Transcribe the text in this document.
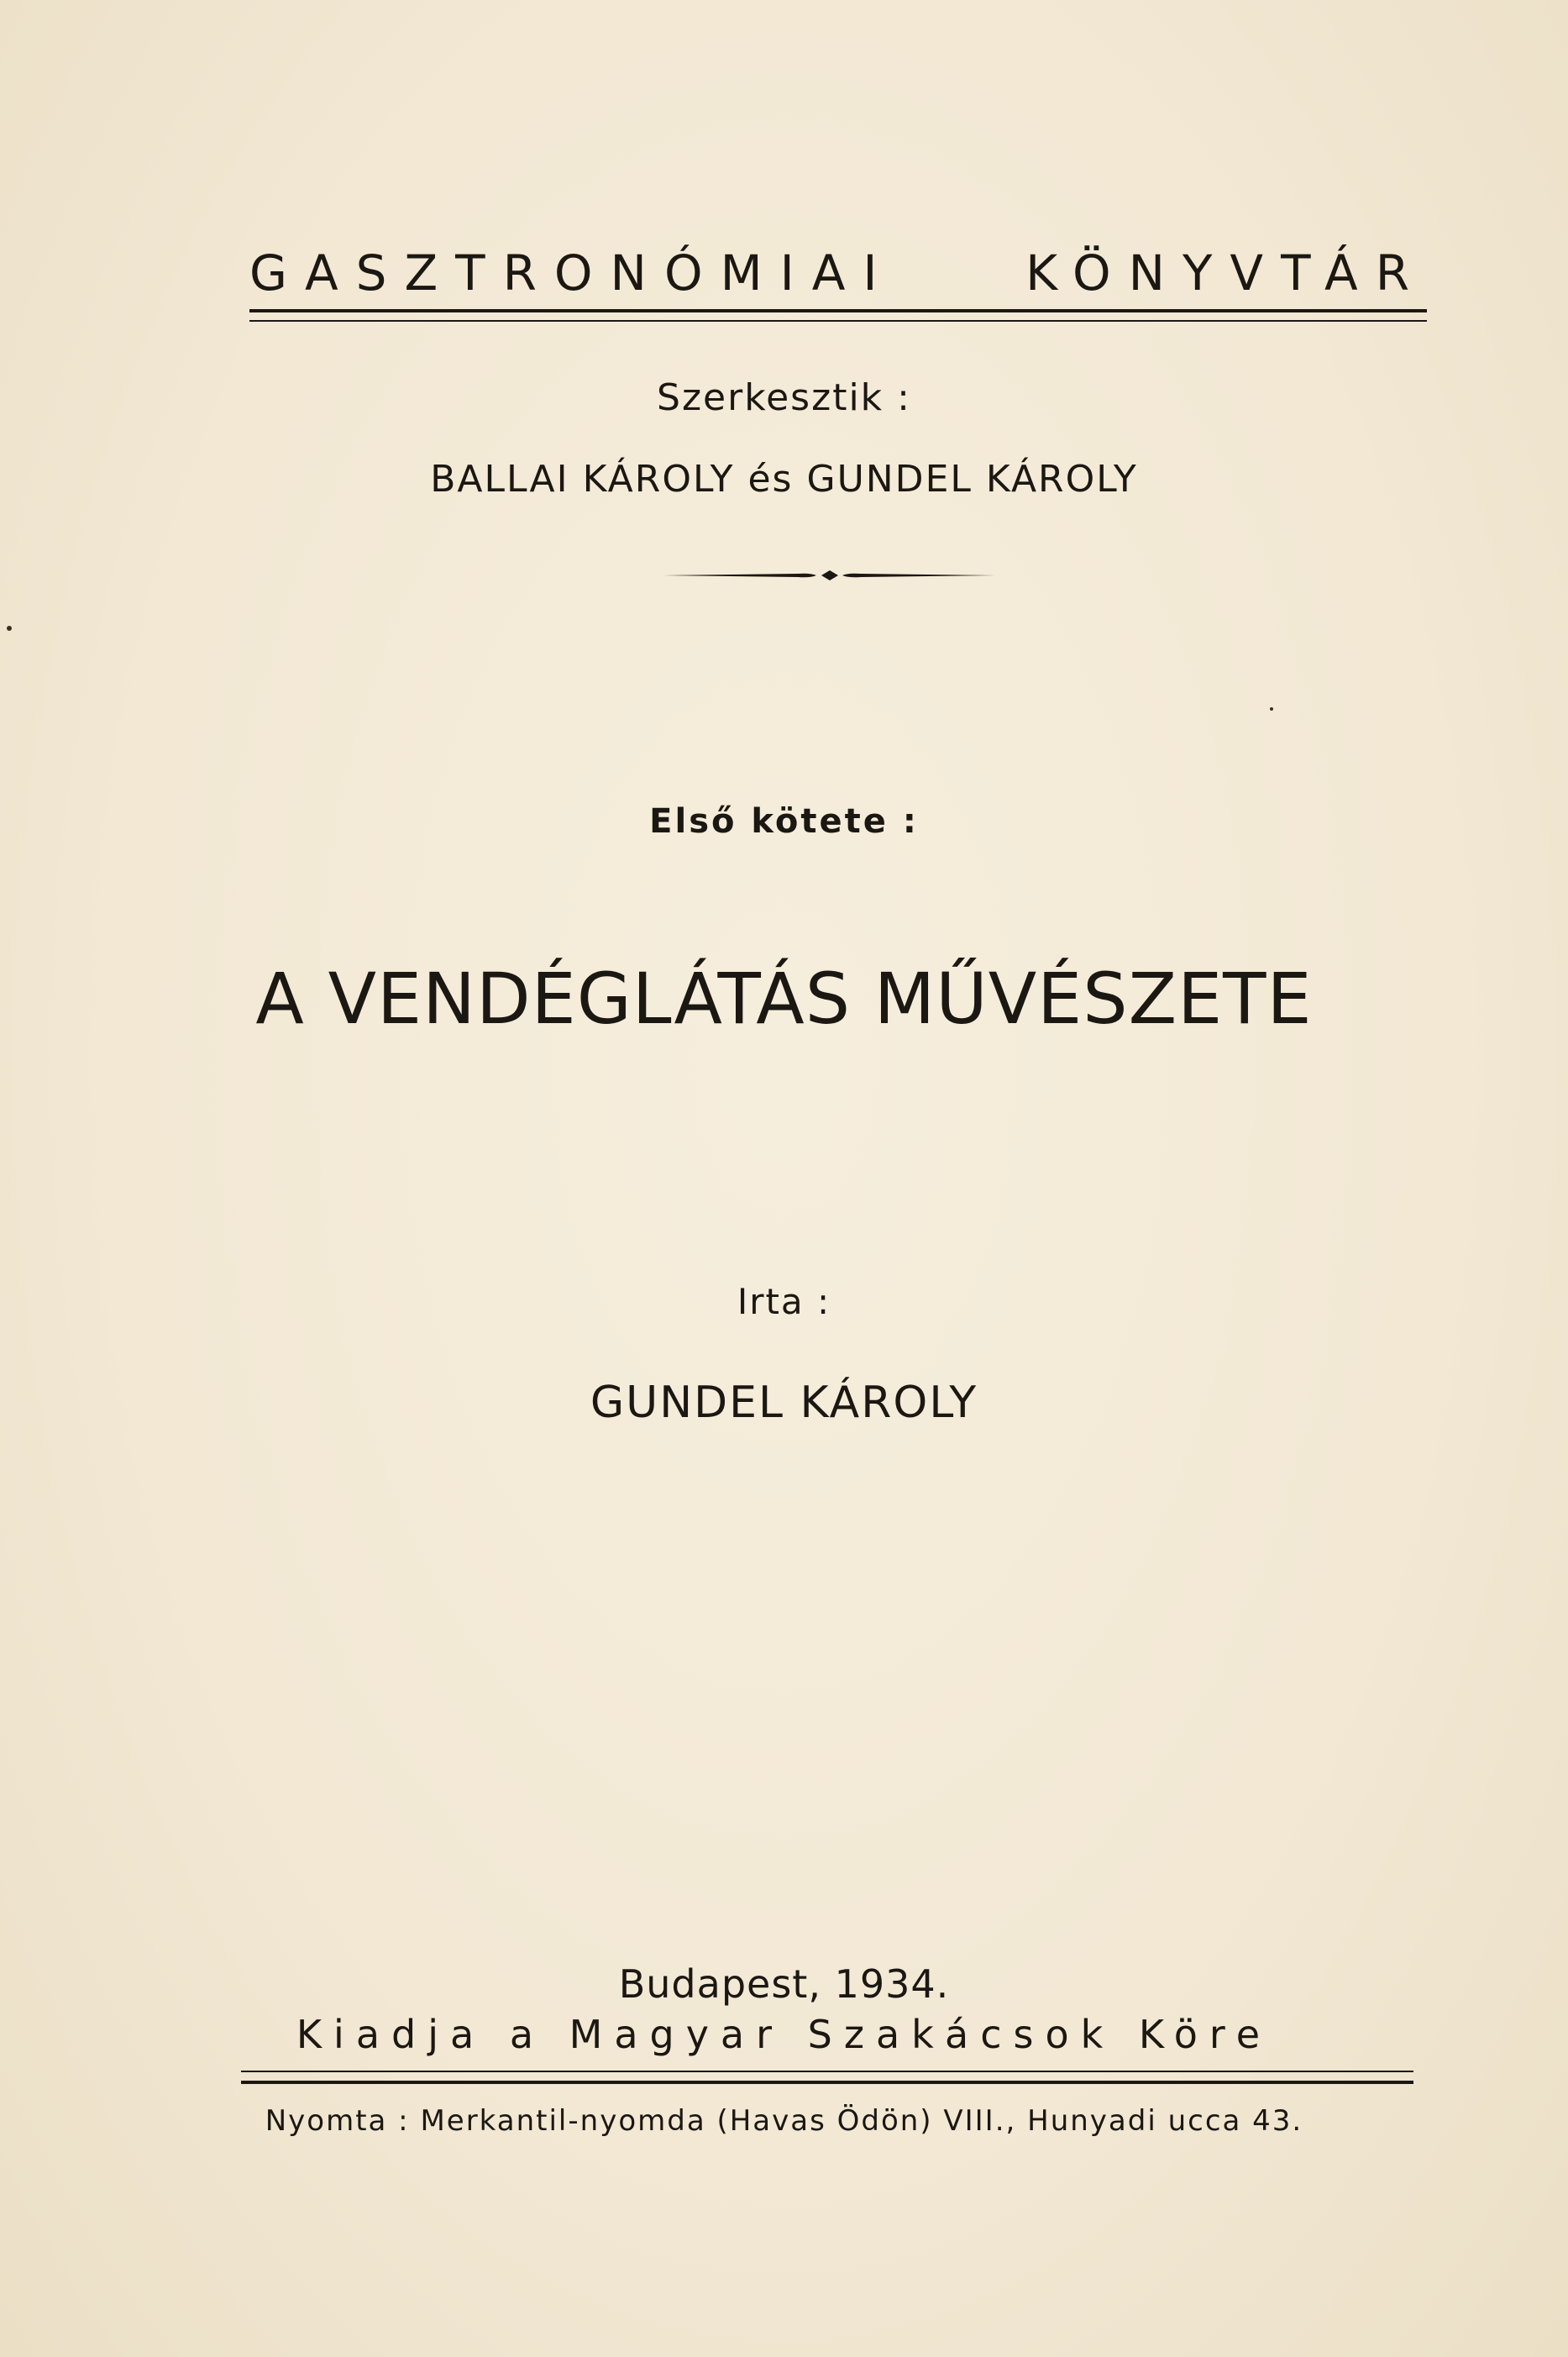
GASZTRONÓMIAI KÖNYVTÁR
Szerkesztik :
BALLAI KÁROLY és GUNDEL KÁROLY
Első kötete :
A VENDÉGLÁTÁS MŰVÉSZETE
Irta :
GUNDEL KÁROLY
Budapest, 1934.
Kiadja a Magyar Szakácsok Köre
Nyomta : Merkantil-nyomda (Havas Ödön) VIII., Hunyadi ucca 43.
